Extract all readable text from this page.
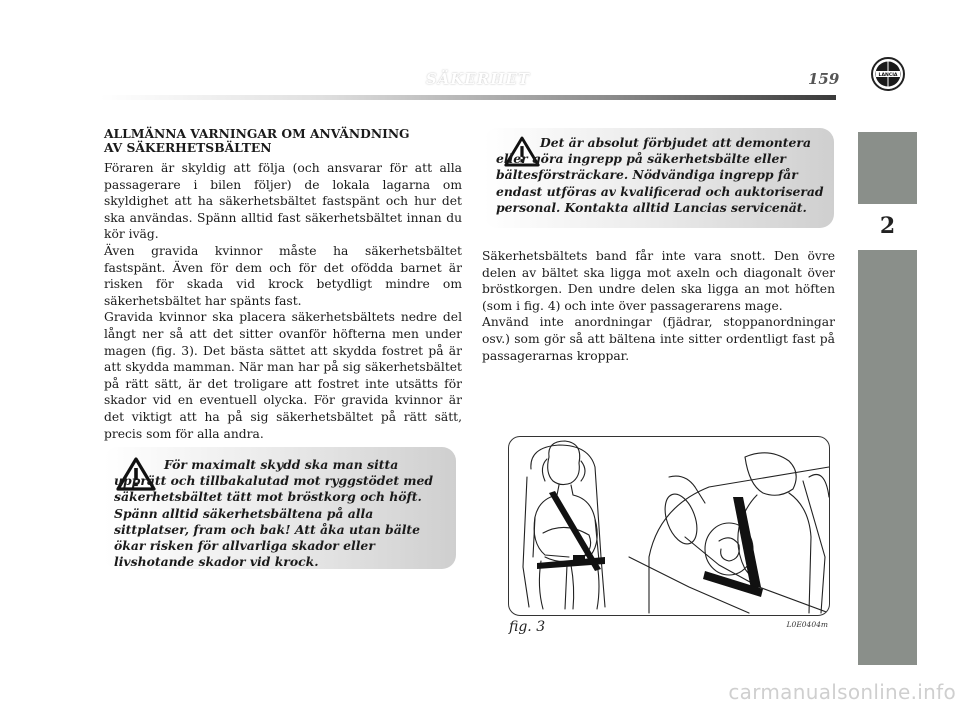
SÄKERHET	159	LANCIA
2
ALLMÄNNA VARNINGAR OM ANVÄNDNING
AV SÄKERHETSBÄLTEN

Föraren är skyldig att följa (och ansvarar för att alla passagerare i bilen följer) de lokala lagarna om skyldighet att ha säkerhetsbältet fastspänt och hur det ska användas. Spänn alltid fast säkerhetsbältet innan du kör iväg.

Även gravida kvinnor måste ha säkerhetsbältet fastspänt. Även för dem och för det ofödda barnet är risken för skada vid krock betydligt mindre om säkerhetsbältet har spänts fast.

Gravida kvinnor ska placera säkerhetsbältets nedre del långt ner så att det sitter ovanför höfterna men under magen (fig. 3). Det bästa sättet att skydda fostret på är att skydda mamman. När man har på sig säkerhetsbältet på rätt sätt, är det troligare att fostret inte utsätts för skador vid en eventuell olycka. För gravida kvinnor är det viktigt att ha på sig säkerhetsbältet på rätt sätt, precis som för alla andra.

För maximalt skydd ska man sitta upprätt och tillbakalutad mot ryggstödet med säkerhetsbältet tätt mot bröstkorg och höft. Spänn alltid säkerhetsbältena på alla sittplatser, fram och bak! Att åka utan bälte ökar risken för allvarliga skador eller livshotande skador vid krock.

Det är absolut förbjudet att demontera eller göra ingrepp på säkerhetsbälte eller bältesförsträckare. Nödvändiga ingrepp får endast utföras av kvalificerad och auktoriserad personal. Kontakta alltid Lancias servicenät.

Säkerhetsbältets band får inte vara snott. Den övre delen av bältet ska ligga mot axeln och diagonalt över bröstkorgen. Den undre delen ska ligga an mot höften (som i fig. 4) och inte över passagerarens mage.

Använd inte anordningar (fjädrar, stoppanordningar osv.) som gör så att bältena inte sitter ordentligt fast på passagerarnas kroppar.

fig. 3	L0E0404m
carmanualsonline.info
